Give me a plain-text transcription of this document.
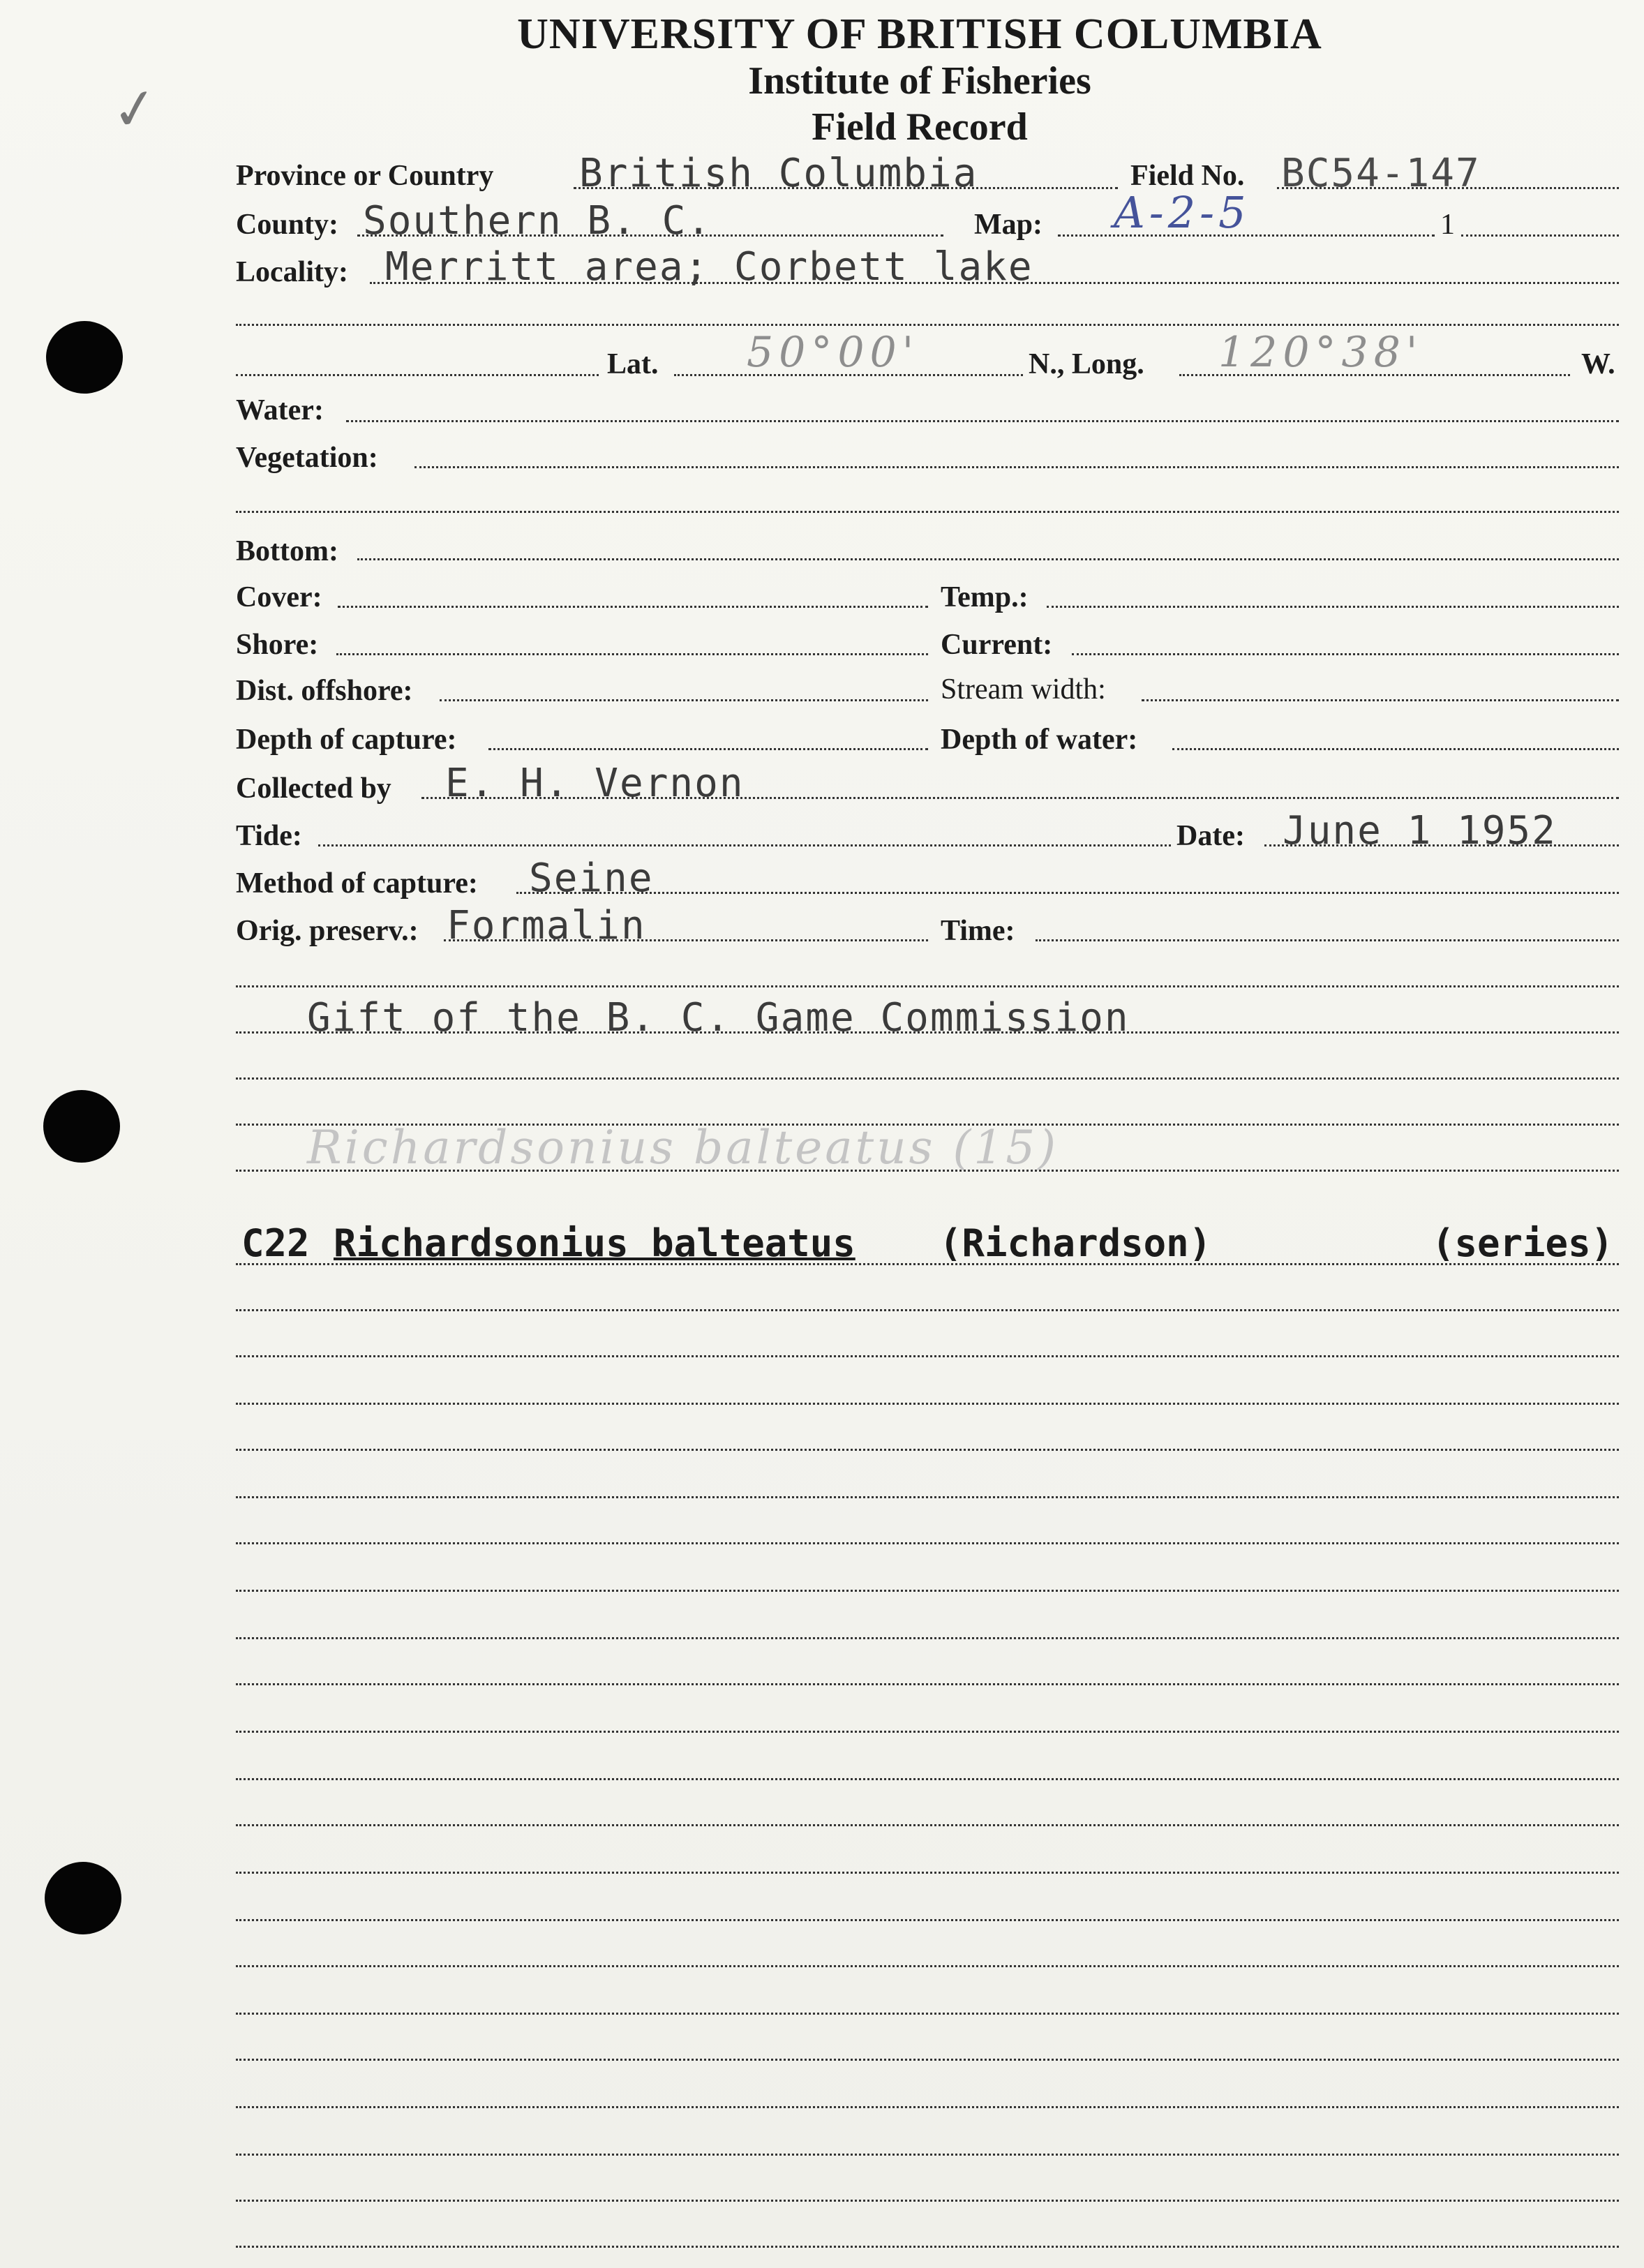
✓
UNIVERSITY OF BRITISH COLUMBIA
Institute of Fisheries
Field Record
Province or Country British Columbia	Field No. BC54-147
County: Southern B. C.	Map: A-2-5	1
Locality: Merritt area; Corbett lake
Lat. 50°00'	N., Long. 120°38'	W.
Water:
Vegetation:
Bottom:
Cover:	Temp.:
Shore:	Current:
Dist. offshore:	Stream width:
Depth of capture:	Depth of water:
Collected by E. H. Vernon
Tide:	Date: June 1 1952
Method of capture: Seine
Orig. preserv.: Formalin	Time:
Gift of the B. C. Game Commission
Richardsonius balteatus (15)
C22 Richardsonius balteatus (Richardson)	(series)
